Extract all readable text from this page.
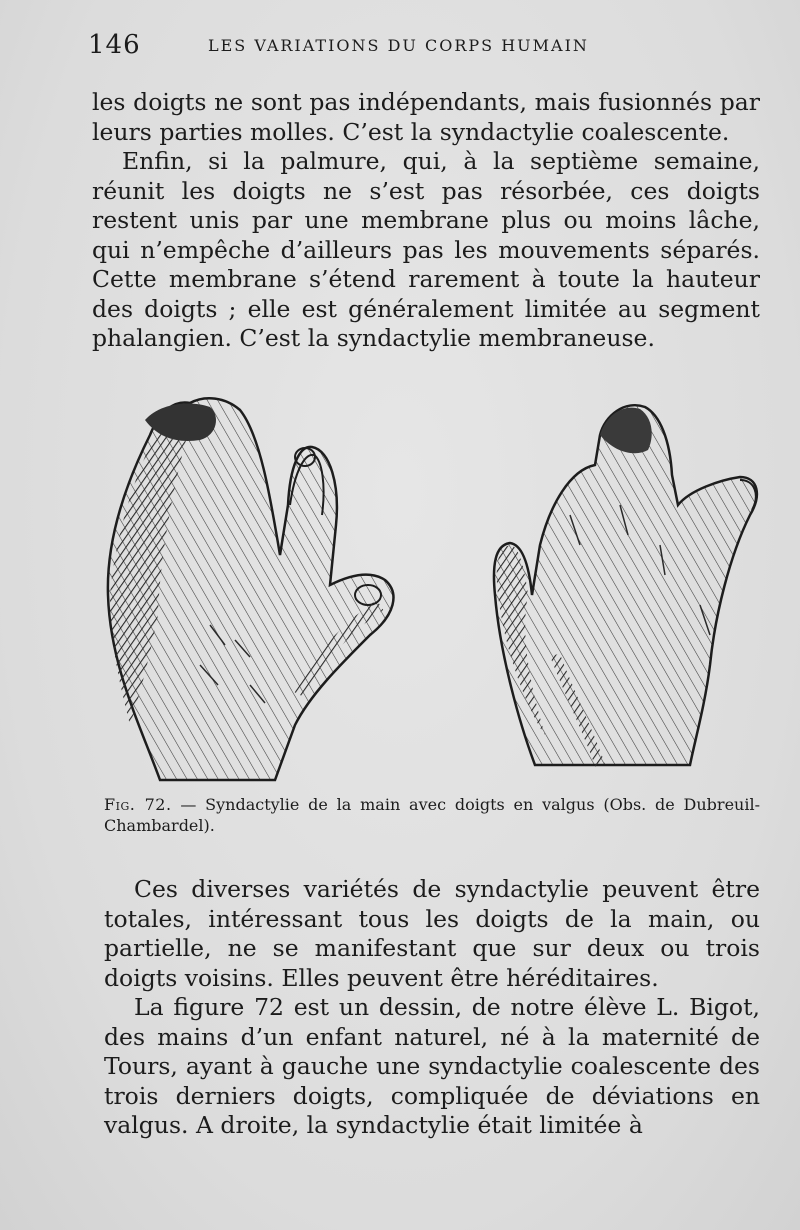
146	LES VARIATIONS DU CORPS HUMAIN

les doigts ne sont pas indépendants, mais fusionnés par leurs parties molles. C’est la syndactylie coalescente.

Enfin, si la palmure, qui, à la septième semaine, réunit les doigts ne s’est pas résorbée, ces doigts restent unis par une membrane plus ou moins lâche, qui n’empêche d’ailleurs pas les mouvements séparés. Cette membrane s’étend rarement à toute la hauteur des doigts ; elle est généralement limitée au segment phalangien. C’est la syndactylie membraneuse.

Fig. 72. — Syndactylie de la main avec doigts en valgus (Obs. de Dubreuil-Chambardel).

Ces diverses variétés de syndactylie peuvent être totales, intéressant tous les doigts de la main, ou partielle, ne se manifestant que sur deux ou trois doigts voisins. Elles peuvent être héréditaires.

La figure 72 est un dessin, de notre élève L. Bigot, des mains d’un enfant naturel, né à la maternité de Tours, ayant à gauche une syndactylie coalescente des trois derniers doigts, compliquée de déviations en valgus. A droite, la syndactylie était limitée à
